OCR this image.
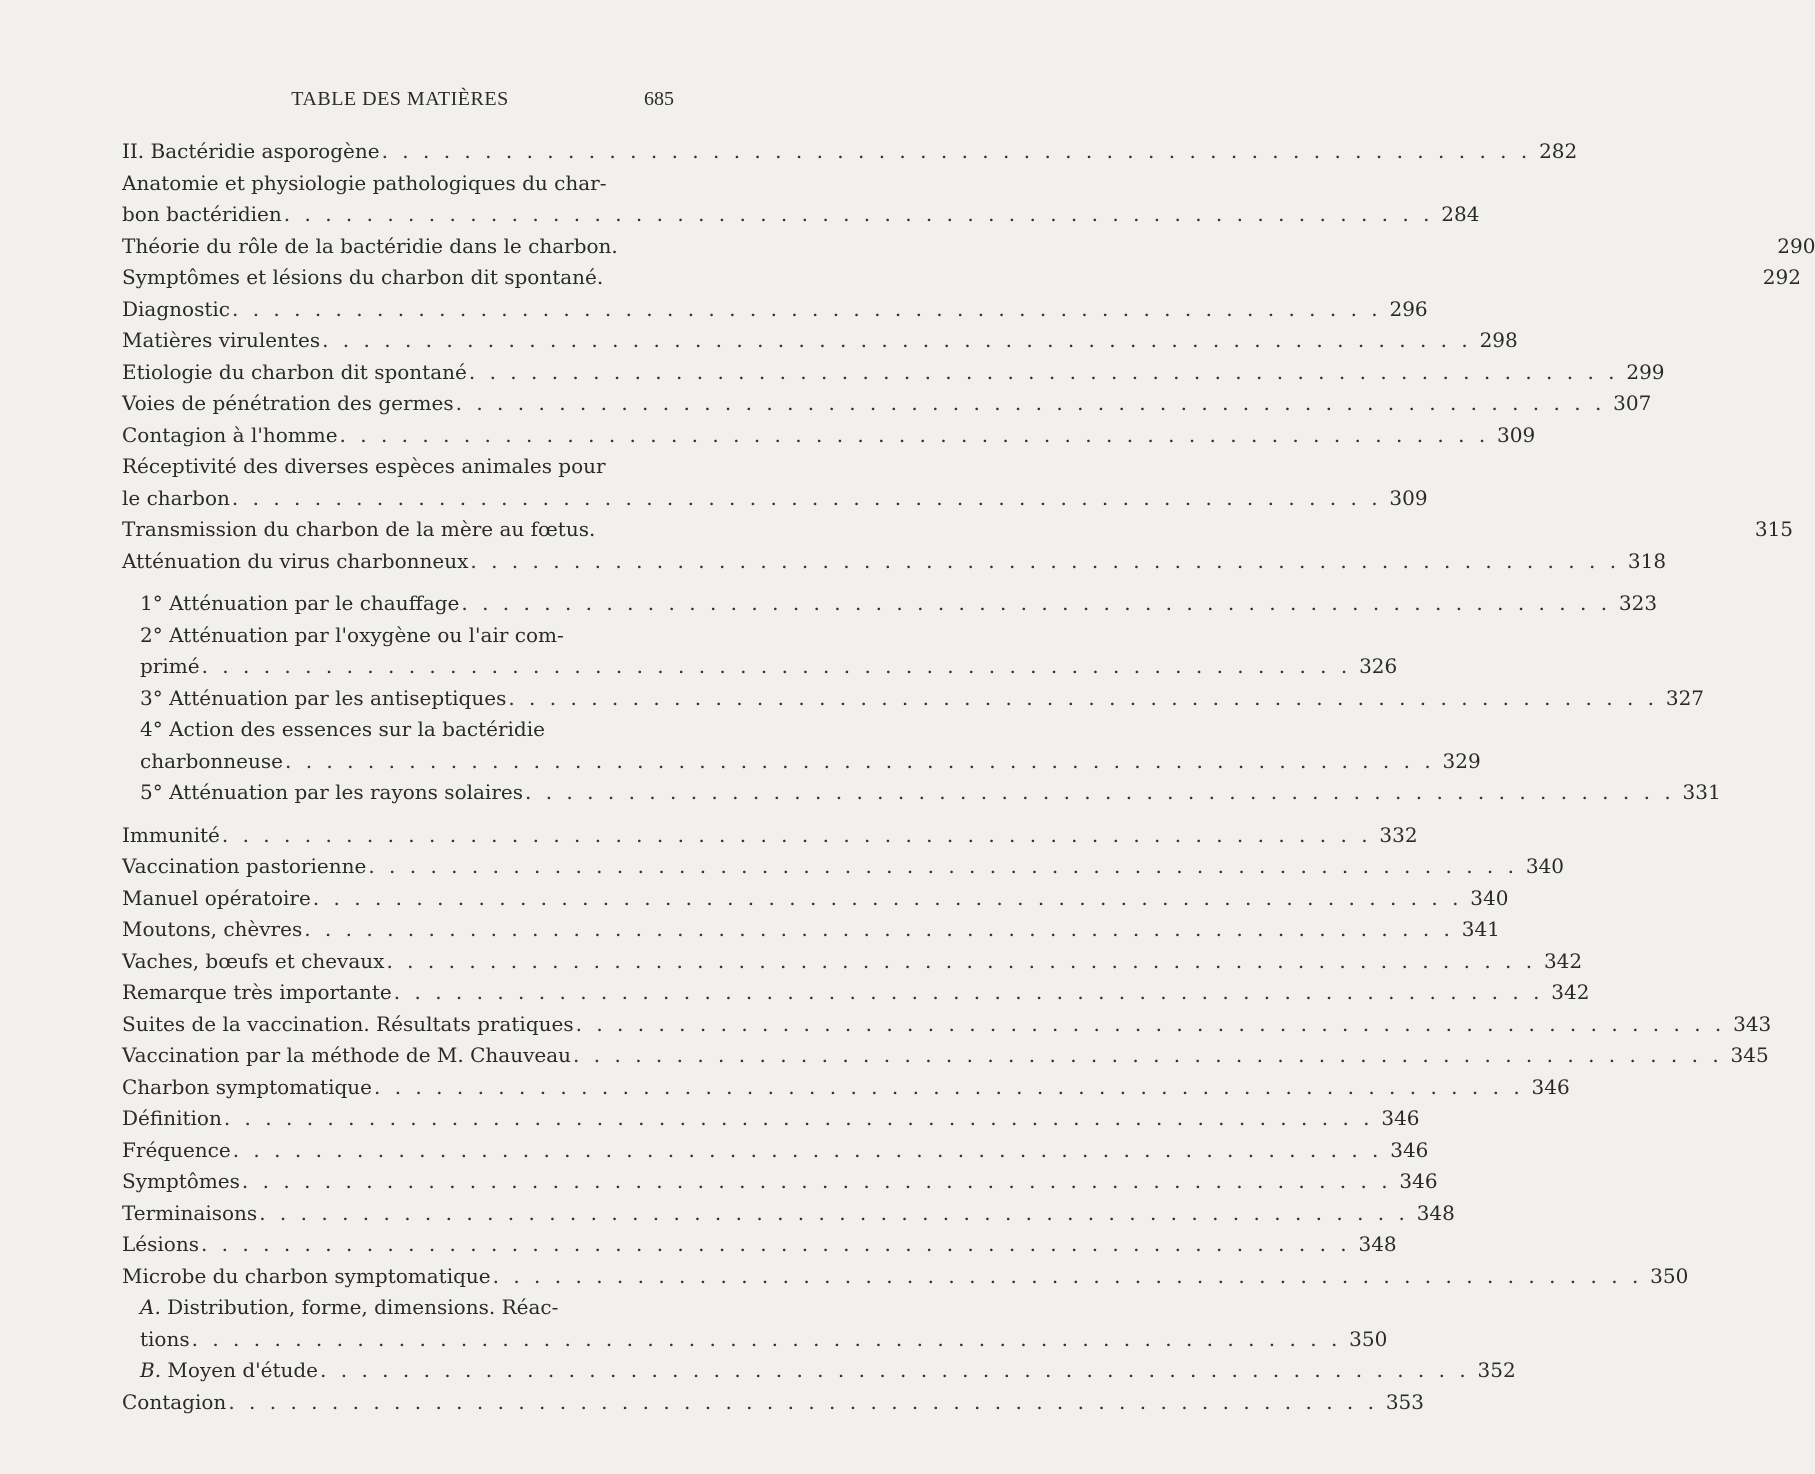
TABLE DES MATIÈRES	685
II. Bactéridie asporogène . . .	282
Anatomie et physiologie pathologiques du char-
bon bactéridien . . .	284
Théorie du rôle de la bactéridie dans le charbon.	290
Symptômes et lésions du charbon dit spontané.	292
Diagnostic . . .	296
Matières virulentes . . .	298
Etiologie du charbon dit spontané . . .	299
Voies de pénétration des germes . . .	307
Contagion à l'homme . . .	309
Réceptivité des diverses espèces animales pour
le charbon . . .	309
Transmission du charbon de la mère au fœtus.	315
Atténuation du virus charbonneux . . .	318
1° Atténuation par le chauffage . . .	323
2° Atténuation par l'oxygène ou l'air com-
primé . . .	326
3° Atténuation par les antiseptiques . . .	327
4° Action des essences sur la bactéridie
charbonneuse . . .	329
5° Atténuation par les rayons solaires . . .	331
Immunité . . .	332
Vaccination pastorienne . . .	340
Manuel opératoire . . .	340
Moutons, chèvres . . .	341
Vaches, bœufs et chevaux . . .	342
Remarque très importante . . .	342
Suites de la vaccination. Résultats pratiques . . .	343
Vaccination par la méthode de M. Chauveau . . .	345
Charbon symptomatique . . .	346
Définition . . .	346
Fréquence . . .	346
Symptômes . . .	346
Terminaisons . . .	348
Lésions . . .	348
Microbe du charbon symptomatique . . .	350
A. Distribution, forme, dimensions. Réac-
tions . . .	350
B. Moyen d'étude . . .	352
Contagion . . .	353
